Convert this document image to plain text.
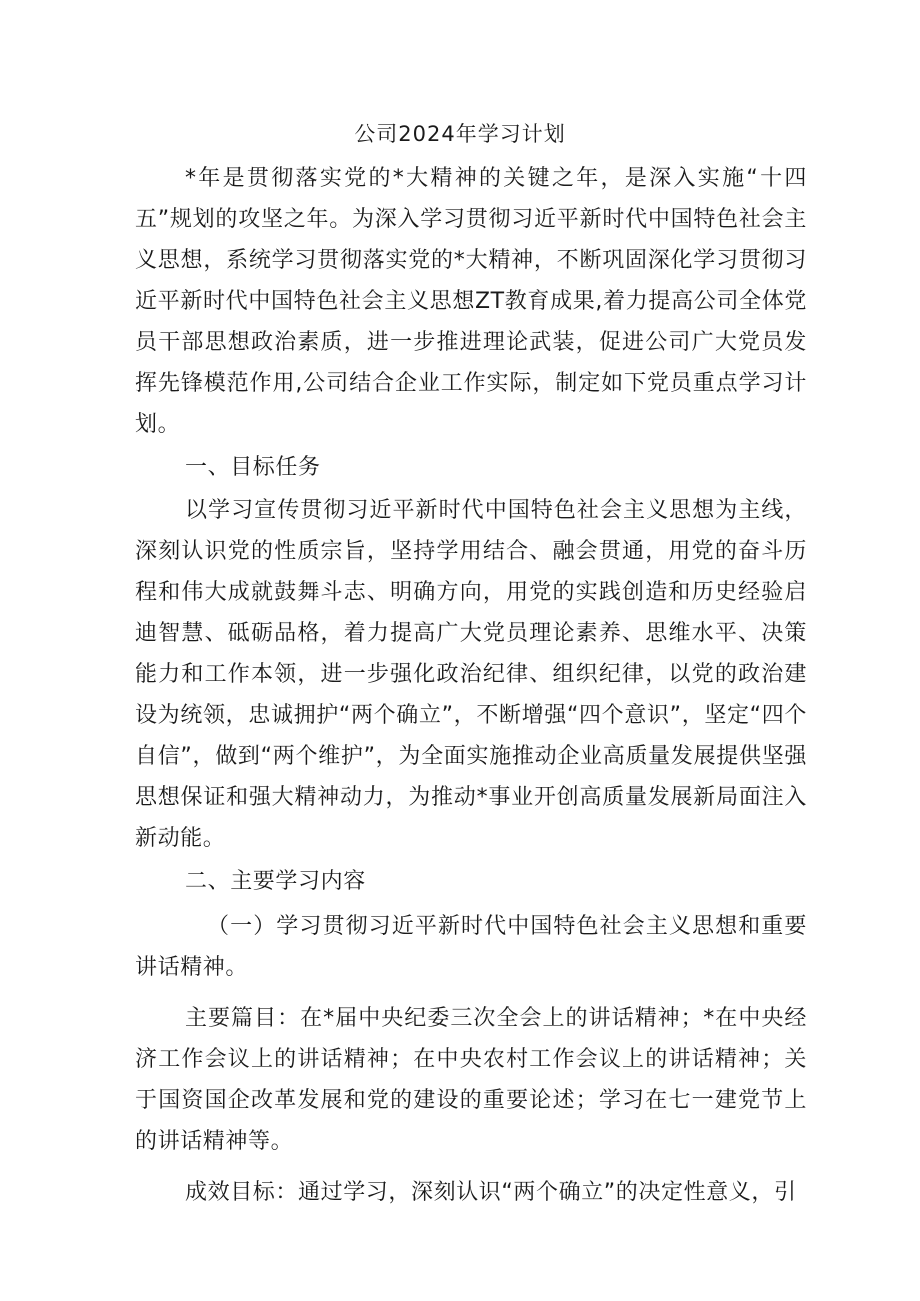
公司2024年学习计划

*年是贯彻落实党的*大精神的关键之年，是深入实施“十四五”规划的攻坚之年。为深入学习贯彻习近平新时代中国特色社会主义思想，系统学习贯彻落实党的*大精神，不断巩固深化学习贯彻习近平新时代中国特色社会主义思想ZT教育成果,着力提高公司全体党员干部思想政治素质，进一步推进理论武装，促进公司广大党员发挥先锋模范作用,公司结合企业工作实际，制定如下党员重点学习计划。

一、目标任务

以学习宣传贯彻习近平新时代中国特色社会主义思想为主线，深刻认识党的性质宗旨，坚持学用结合、融会贯通，用党的奋斗历程和伟大成就鼓舞斗志、明确方向，用党的实践创造和历史经验启迪智慧、砥砺品格，着力提高广大党员理论素养、思维水平、决策能力和工作本领，进一步强化政治纪律、组织纪律，以党的政治建设为统领，忠诚拥护“两个确立”，不断增强“四个意识”，坚定“四个自信”，做到“两个维护”，为全面实施推动企业高质量发展提供坚强思想保证和强大精神动力，为推动*事业开创高质量发展新局面注入新动能。

二、主要学习内容

（一）学习贯彻习近平新时代中国特色社会主义思想和重要讲话精神。

主要篇目：在*届中央纪委三次全会上的讲话精神；*在中央经济工作会议上的讲话精神；在中央农村工作会议上的讲话精神；关于国资国企改革发展和党的建设的重要论述；学习在七一建党节上的讲话精神等。

成效目标：通过学习，深刻认识“两个确立”的决定性意义，引
